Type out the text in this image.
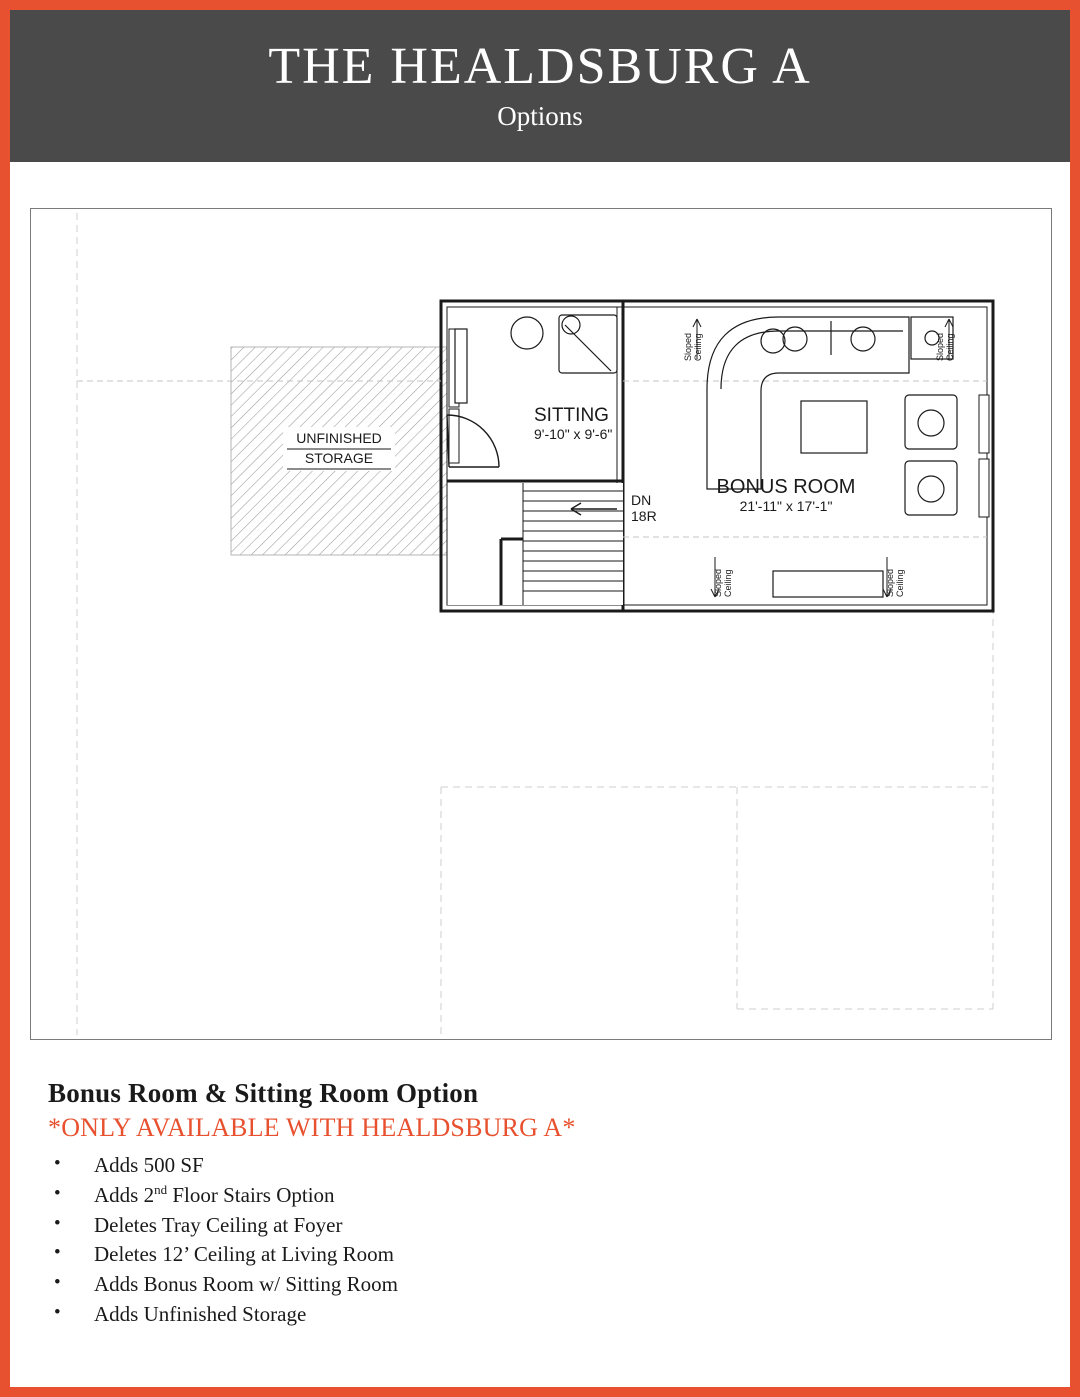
THE HEALDSBURG A
Options
UNFINISHED
STORAGE
SITTING
9'-10" x 9'-6"
DN
18R
Sloped Ceiling	Sloped Ceiling
Sloped Ceiling	Sloped Ceiling
BONUS ROOM
21'-11" x 17'-1"

Bonus Room & Sitting Room Option

*ONLY AVAILABLE WITH HEALDSBURG A*

• Adds 500 SF
• Adds 2nd Floor Stairs Option
• Deletes Tray Ceiling at Foyer
• Deletes 12’ Ceiling at Living Room
• Adds Bonus Room w/ Sitting Room
• Adds Unfinished Storage
